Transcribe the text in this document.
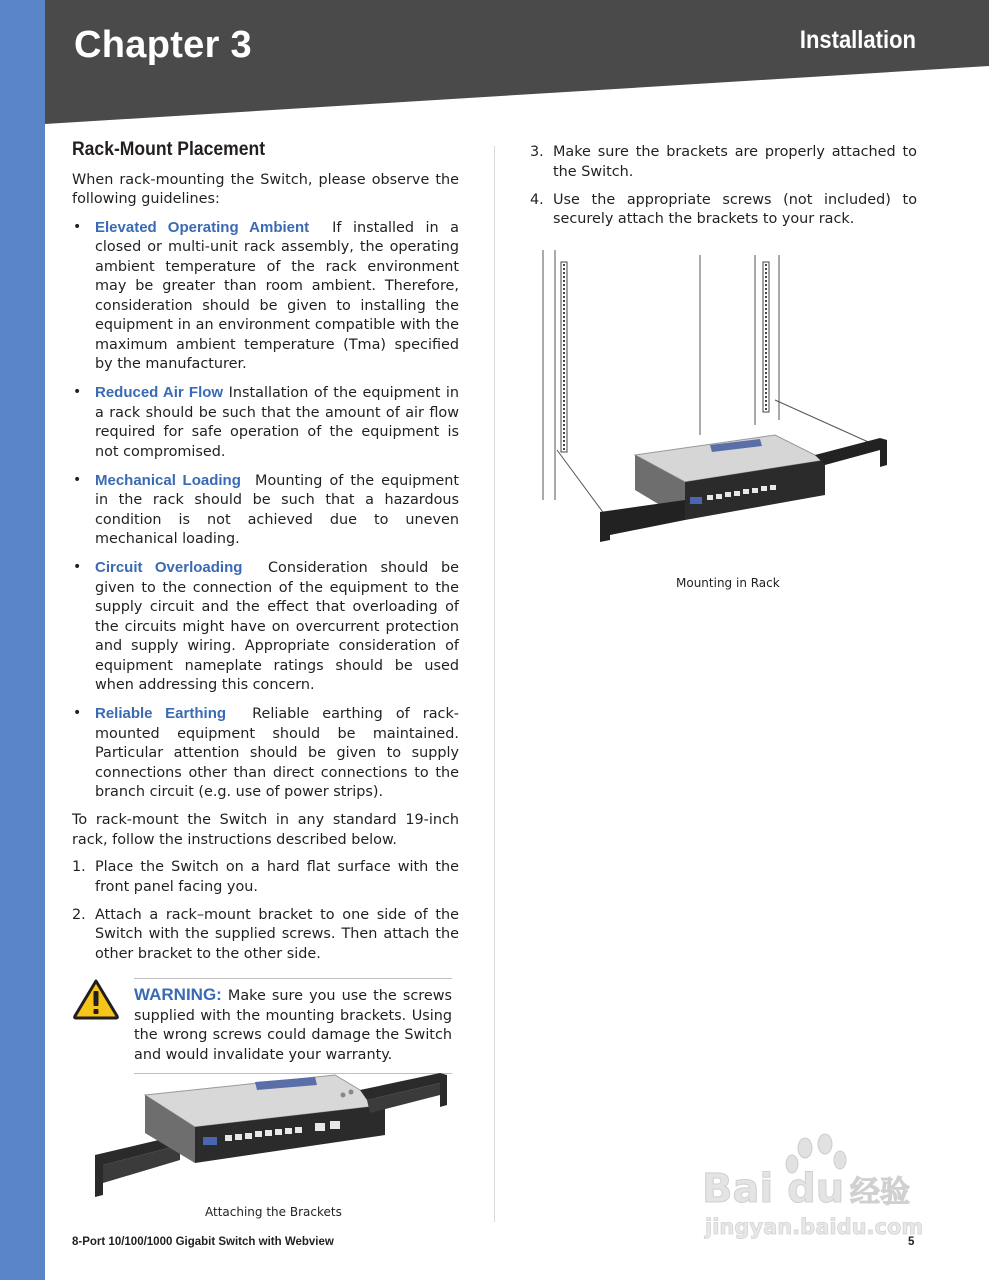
Chapter 3	Installation
Rack-Mount Placement

When rack-mounting the Switch, please observe the following guidelines:

• Elevated Operating Ambient If installed in a closed or multi-unit rack assembly, the operating ambient temperature of the rack environment may be greater than room ambient. Therefore, consideration should be given to installing the equipment in an environment compatible with the maximum ambient temperature (Tma) specified by the manufacturer.
• Reduced Air Flow Installation of the equipment in a rack should be such that the amount of air flow required for safe operation of the equipment is not compromised.
• Mechanical Loading Mounting of the equipment in the rack should be such that a hazardous condition is not achieved due to uneven mechanical loading.
• Circuit Overloading Consideration should be given to the connection of the equipment to the supply circuit and the effect that overloading of the circuits might have on overcurrent protection and supply wiring. Appropriate consideration of equipment nameplate ratings should be used when addressing this concern.
• Reliable Earthing Reliable earthing of rack-mounted equipment should be maintained. Particular attention should be given to supply connections other than direct connections to the branch circuit (e.g. use of power strips).

To rack-mount the Switch in any standard 19-inch rack, follow the instructions described below.

1. Place the Switch on a hard flat surface with the front panel facing you.
2. Attach a rack–mount bracket to one side of the Switch with the supplied screws. Then attach the other bracket to the other side.
WARNING: Make sure you use the screws supplied with the mounting brackets. Using the wrong screws could damage the Switch and would invalidate your warranty.
Attaching the Brackets
3. Make sure the brackets are properly attached to the Switch.
4. Use the appropriate screws (not included) to securely attach the brackets to your rack.
Mounting in Rack
Bai du 经验
jingyan.baidu.com
8-Port 10/100/1000 Gigabit Switch with Webview	5
